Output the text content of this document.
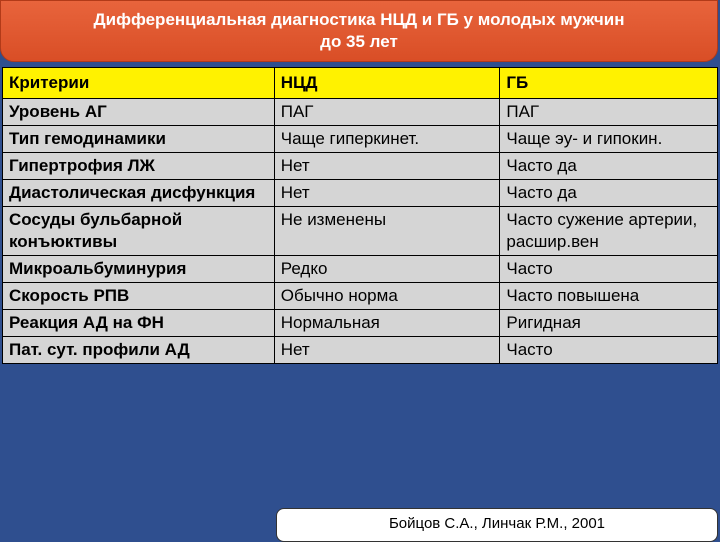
Дифференциальная диагностика НЦД и ГБ у молодых мужчин
до 35 лет
Критерии	НЦД	ГБ
Уровень АГ	ПАГ	ПАГ
Тип гемодинамики	Чаще гиперкинет.	Чаще эу- и гипокин.
Гипертрофия ЛЖ	Нет	Часто да
Диастолическая дисфункция	Нет	Часто да
Сосуды бульбарной конъюктивы	Не изменены	Часто сужение артерии, расшир.вен
Микроальбуминурия	Редко	Часто
Скорость РПВ	Обычно норма	Часто повышена
Реакция АД на ФН	Нормальная	Ригидная
Пат. сут. профили АД	Нет	Часто
Бойцов С.А., Линчак Р.М., 2001
